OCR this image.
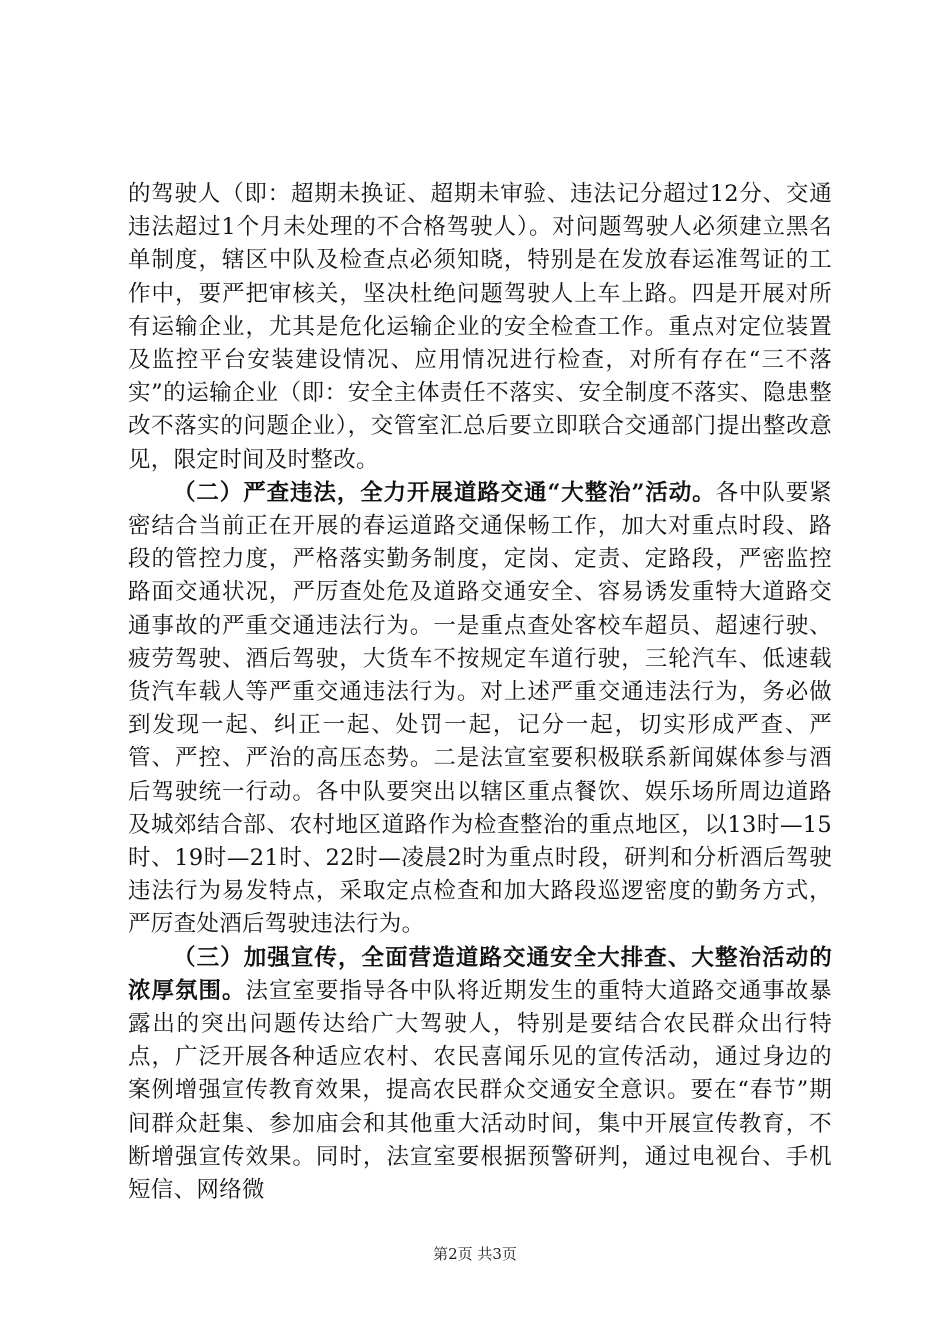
的驾驶人（即：超期未换证、超期未审验、违法记分超过12分、交通违法超过1个月未处理的不合格驾驶人）。对问题驾驶人必须建立黑名单制度，辖区中队及检查点必须知晓，特别是在发放春运准驾证的工作中，要严把审核关，坚决杜绝问题驾驶人上车上路。四是开展对所有运输企业，尤其是危化运输企业的安全检查工作。重点对定位装置及监控平台安装建设情况、应用情况进行检查，对所有存在“三不落实”的运输企业（即：安全主体责任不落实、安全制度不落实、隐患整改不落实的问题企业），交管室汇总后要立即联合交通部门提出整改意见，限定时间及时整改。

（二）严查违法，全力开展道路交通“大整治”活动。各中队要紧密结合当前正在开展的春运道路交通保畅工作，加大对重点时段、路段的管控力度，严格落实勤务制度，定岗、定责、定路段，严密监控路面交通状况，严厉查处危及道路交通安全、容易诱发重特大道路交通事故的严重交通违法行为。一是重点查处客校车超员、超速行驶、疲劳驾驶、酒后驾驶，大货车不按规定车道行驶，三轮汽车、低速载货汽车载人等严重交通违法行为。对上述严重交通违法行为，务必做到发现一起、纠正一起、处罚一起，记分一起，切实形成严查、严管、严控、严治的高压态势。二是法宣室要积极联系新闻媒体参与酒后驾驶统一行动。各中队要突出以辖区重点餐饮、娱乐场所周边道路及城郊结合部、农村地区道路作为检查整治的重点地区，以13时—15时、19时—21时、22时—凌晨2时为重点时段，研判和分析酒后驾驶违法行为易发特点，采取定点检查和加大路段巡逻密度的勤务方式，严厉查处酒后驾驶违法行为。

（三）加强宣传，全面营造道路交通安全大排查、大整治活动的浓厚氛围。法宣室要指导各中队将近期发生的重特大道路交通事故暴露出的突出问题传达给广大驾驶人，特别是要结合农民群众出行特点，广泛开展各种适应农村、农民喜闻乐见的宣传活动，通过身边的案例增强宣传教育效果，提高农民群众交通安全意识。要在“春节”期间群众赶集、参加庙会和其他重大活动时间，集中开展宣传教育，不断增强宣传效果。同时，法宣室要根据预警研判，通过电视台、手机短信、网络微

第2页 共3页
